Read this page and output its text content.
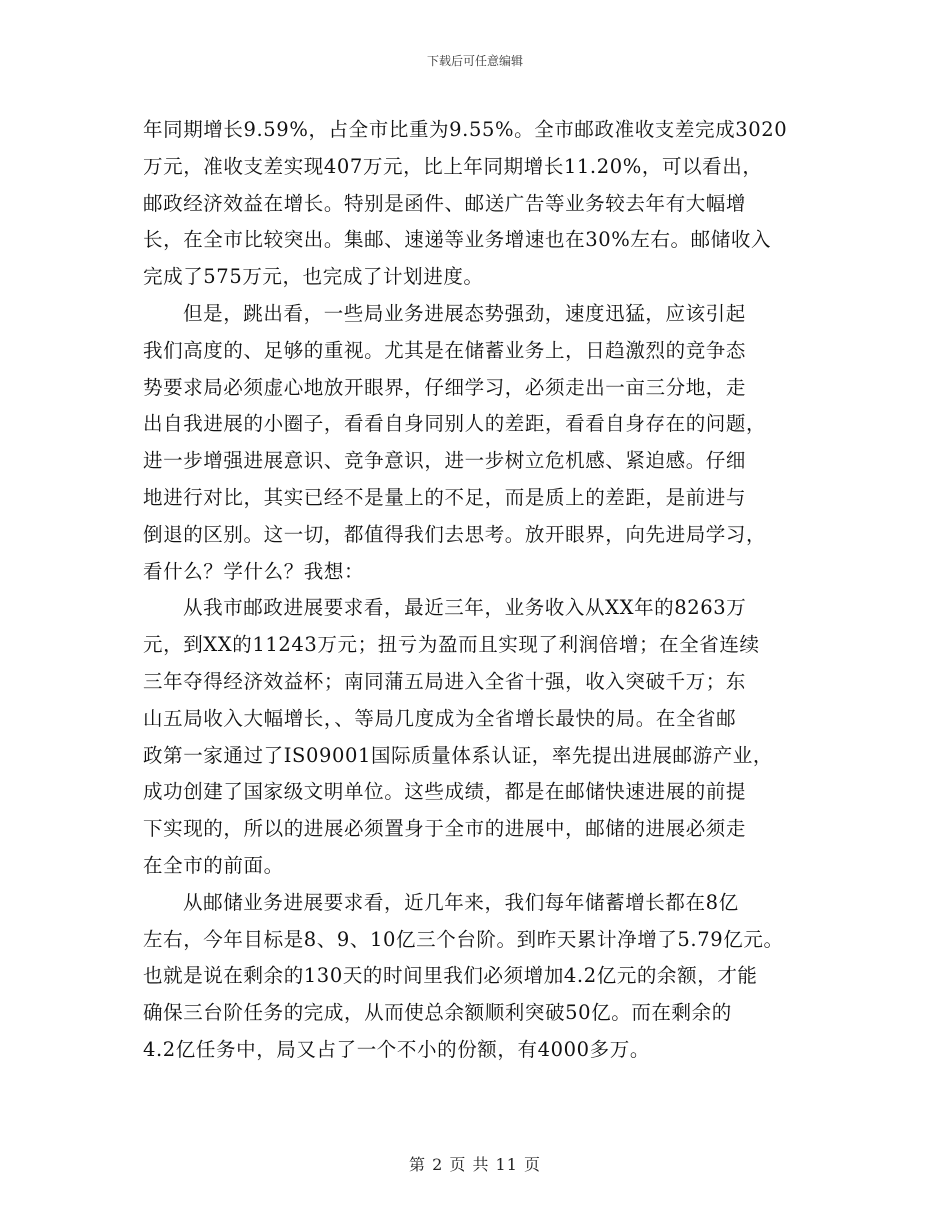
下载后可任意编辑
年同期增长9.59%，占全市比重为9.55%。全市邮政准收支差完成3020
万元，准收支差实现407万元，比上年同期增长11.20%，可以看出，
邮政经济效益在增长。特别是函件、邮送广告等业务较去年有大幅增
长，在全市比较突出。集邮、速递等业务增速也在30%左右。邮储收入
完成了575万元，也完成了计划进度。
但是，跳出看，一些局业务进展态势强劲，速度迅猛，应该引起
我们高度的、足够的重视。尤其是在储蓄业务上，日趋激烈的竞争态
势要求局必须虚心地放开眼界，仔细学习，必须走出一亩三分地，走
出自我进展的小圈子，看看自身同别人的差距，看看自身存在的问题，
进一步增强进展意识、竞争意识，进一步树立危机感、紧迫感。仔细
地进行对比，其实已经不是量上的不足，而是质上的差距，是前进与
倒退的区别。这一切，都值得我们去思考。放开眼界，向先进局学习，
看什么？学什么？我想：
从我市邮政进展要求看，最近三年，业务收入从XX年的8263万
元，到XX的11243万元；扭亏为盈而且实现了利润倍增；在全省连续
三年夺得经济效益杯；南同蒲五局进入全省十强，收入突破千万；东
山五局收入大幅增长，、等局几度成为全省增长最快的局。在全省邮
政第一家通过了IS09001国际质量体系认证，率先提出进展邮游产业，
成功创建了国家级文明单位。这些成绩，都是在邮储快速进展的前提
下实现的，所以的进展必须置身于全市的进展中，邮储的进展必须走
在全市的前面。
从邮储业务进展要求看，近几年来，我们每年储蓄增长都在8亿
左右，今年目标是8、9、10亿三个台阶。到昨天累计净增了5.79亿元。
也就是说在剩余的130天的时间里我们必须增加4.2亿元的余额，才能
确保三台阶任务的完成，从而使总余额顺利突破50亿。而在剩余的
4.2亿任务中，局又占了一个不小的份额，有4000多万。
第 2 页 共 11 页
